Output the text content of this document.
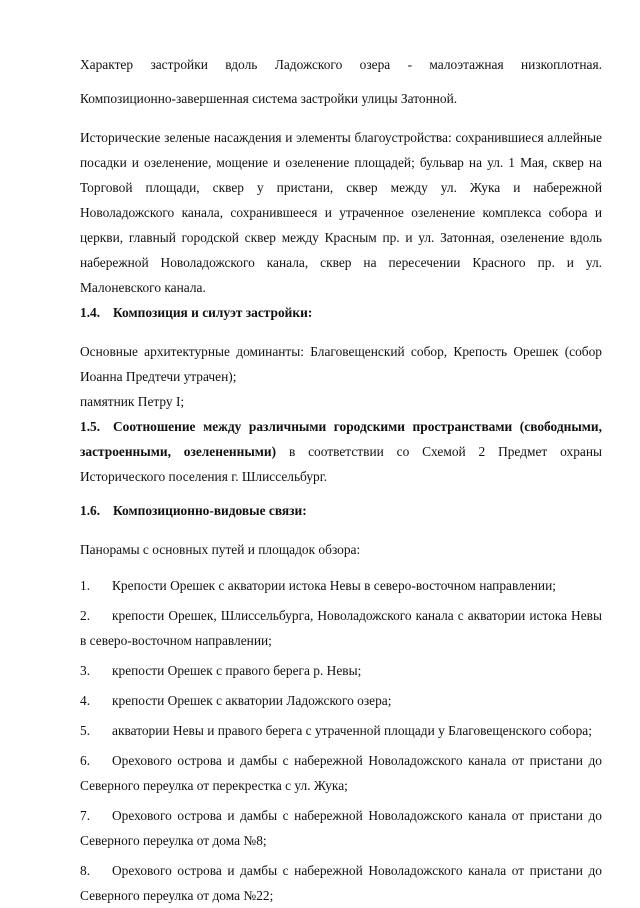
Характер застройки вдоль Ладожского озера - малоэтажная низкоплотная.

Композиционно-завершенная система застройки улицы Затонной.

Исторические зеленые насаждения и элементы благоустройства: сохранившиеся аллейные посадки и озеленение, мощение и озеленение площадей; бульвар на ул. 1 Мая, сквер на Торговой площади, сквер у пристани, сквер между ул. Жука и набережной Новоладожского канала, сохранившееся и утраченное озеленение комплекса собора и церкви, главный городской сквер между Красным пр. и ул. Затонная, озеленение вдоль набережной Новоладожского канала, сквер на пересечении Красного пр. и ул. Малоневского канала.

1.4. Композиция и силуэт застройки:

Основные архитектурные доминанты: Благовещенский собор, Крепость Орешек (собор Иоанна Предтечи утрачен);

памятник Петру I;

1.5. Соотношение между различными городскими пространствами (свободными, застроенными, озелененными) в соответствии со Схемой 2 Предмет охраны Исторического поселения г. Шлиссельбург.

1.6. Композиционно-видовые связи:

Панорамы с основных путей и площадок обзора:

1. Крепости Орешек с акватории истока Невы в северо-восточном направлении;

2. крепости Орешек, Шлиссельбурга, Новоладожского канала с акватории истока Невы в северо-восточном направлении;

3. крепости Орешек с правого берега р. Невы;

4. крепости Орешек с акватории Ладожского озера;

5. акватории Невы и правого берега с утраченной площади у Благовещенского собора;

6. Орехового острова и дамбы с набережной Новоладожского канала от пристани до Северного переулка от перекрестка с ул. Жука;

7. Орехового острова и дамбы с набережной Новоладожского канала от пристани до Северного переулка от дома №8;

8. Орехового острова и дамбы с набережной Новоладожского канала от пристани до Северного переулка от дома №22;
